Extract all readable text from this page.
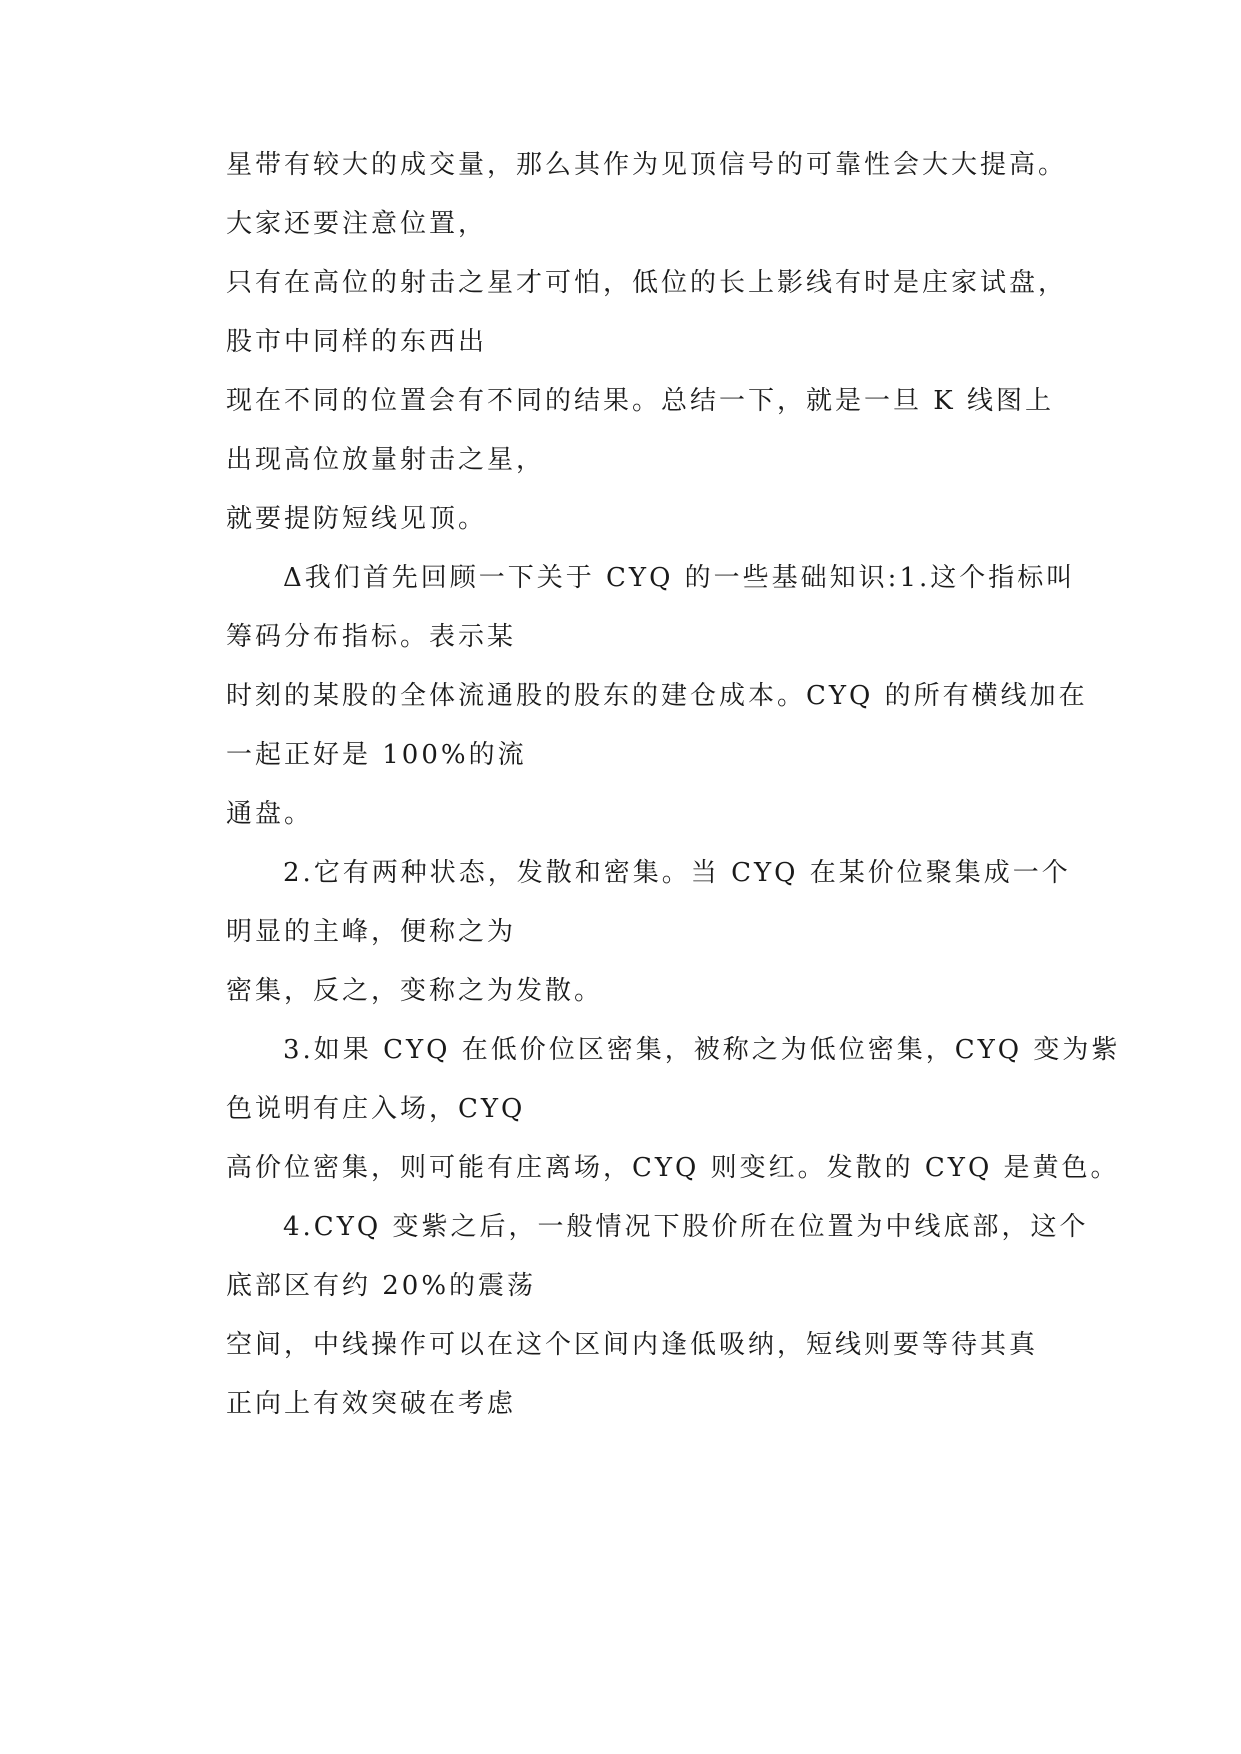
星带有较大的成交量，那么其作为见顶信号的可靠性会大大提高。
大家还要注意位置，
只有在高位的射击之星才可怕，低位的长上影线有时是庄家试盘，
股市中同样的东西出
现在不同的位置会有不同的结果。总结一下，就是一旦 K 线图上
出现高位放量射击之星，
就要提防短线见顶。
Δ我们首先回顾一下关于 CYQ 的一些基础知识:1.这个指标叫
筹码分布指标。表示某
时刻的某股的全体流通股的股东的建仓成本。CYQ 的所有横线加在
一起正好是 100%的流
通盘。
2.它有两种状态，发散和密集。当 CYQ 在某价位聚集成一个
明显的主峰，便称之为
密集，反之，变称之为发散。
3.如果 CYQ 在低价位区密集，被称之为低位密集，CYQ 变为紫
色说明有庄入场，CYQ
高价位密集，则可能有庄离场，CYQ 则变红。发散的 CYQ 是黄色。
4.CYQ 变紫之后，一般情况下股价所在位置为中线底部，这个
底部区有约 20%的震荡
空间，中线操作可以在这个区间内逢低吸纳，短线则要等待其真
正向上有效突破在考虑
